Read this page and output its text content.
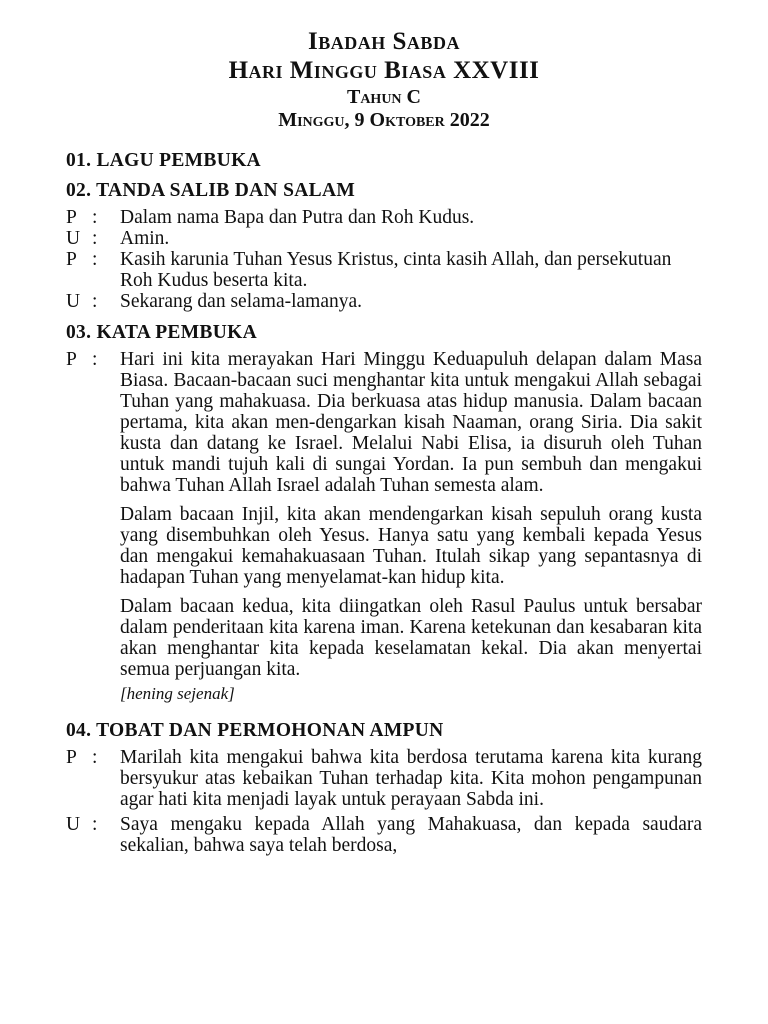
Ibadah Sabda
Hari Minggu Biasa XXVIII
Tahun C
Minggu, 9 Oktober 2022
01. LAGU PEMBUKA
02. TANDA SALIB DAN SALAM
P :	Dalam nama Bapa dan Putra dan Roh Kudus.
U :	Amin.
P :	Kasih karunia Tuhan Yesus Kristus, cinta kasih Allah, dan persekutuan Roh Kudus beserta kita.
U :	Sekarang dan selama-lamanya.
03. KATA PEMBUKA
P :	Hari ini kita merayakan Hari Minggu Keduapuluh delapan dalam Masa Biasa. Bacaan-bacaan suci menghantar kita untuk mengakui Allah sebagai Tuhan yang mahakuasa. Dia berkuasa atas hidup manusia. Dalam bacaan pertama, kita akan men-dengarkan kisah Naaman, orang Siria. Dia sakit kusta dan datang ke Israel. Melalui Nabi Elisa, ia disuruh oleh Tuhan untuk mandi tujuh kali di sungai Yordan. Ia pun sembuh dan mengakui bahwa Tuhan Allah Israel adalah Tuhan semesta alam.
Dalam bacaan Injil, kita akan mendengarkan kisah sepuluh orang kusta yang disembuhkan oleh Yesus. Hanya satu yang kembali kepada Yesus dan mengakui kemahakuasaan Tuhan. Itulah sikap yang sepantasnya di hadapan Tuhan yang menyelamat-kan hidup kita.
Dalam bacaan kedua, kita diingatkan oleh Rasul Paulus untuk bersabar dalam penderitaan kita karena iman. Karena ketekunan dan kesabaran kita akan menghantar kita kepada keselamatan kekal. Dia akan menyertai semua perjuangan kita.
[hening sejenak]
04. TOBAT DAN PERMOHONAN AMPUN
P :	Marilah kita mengakui bahwa kita berdosa terutama karena kita kurang bersyukur atas kebaikan Tuhan terhadap kita. Kita mohon pengampunan agar hati kita menjadi layak untuk perayaan Sabda ini.
U :	Saya mengaku kepada Allah yang Mahakuasa, dan kepada saudara sekalian, bahwa saya telah berdosa,
